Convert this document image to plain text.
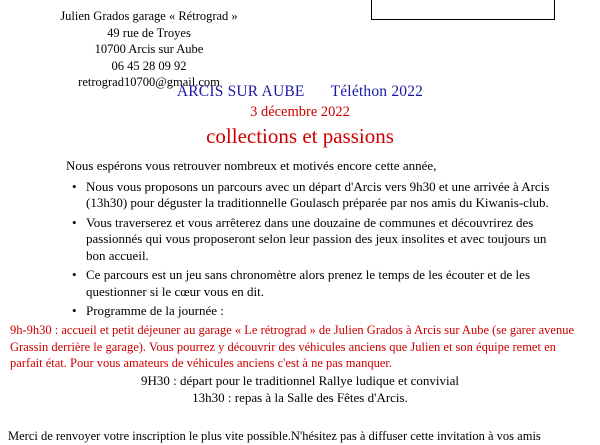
Julien Grados garage « Rétrograd »
49 rue de Troyes
10700 Arcis sur Aube
06 45 28 09 92
retrograd10700@gmail.com
ARCIS SUR AUBE Téléthon 2022
3 décembre 2022
collections et passions

Nous espérons vous retrouver nombreux et motivés encore cette année,

• Nous vous proposons un parcours avec un départ d'Arcis vers 9h30 et une arrivée à Arcis (13h30) pour déguster la traditionnelle Goulasch préparée par nos amis du Kiwanis-club.
• Vous traverserez et vous arrêterez dans une douzaine de communes et découvrirez des passionnés qui vous proposeront selon leur passion des jeux insolites et avec toujours un bon accueil.
• Ce parcours est un jeu sans chronomètre alors prenez le temps de les écouter et de les questionner si le cœur vous en dit.
• Programme de la journée :
9h-9h30 : accueil et petit déjeuner au garage « Le rétrograd » de Julien Grados à Arcis sur Aube (se garer avenue Grassin derrière le garage). Vous pourrez y découvrir des véhicules anciens que Julien et son équipe remet en parfait état. Pour vous amateurs de véhicules anciens c'est à ne pas manquer.
9H30 : départ pour le traditionnel Rallye ludique et convivial
13h30 : repas à la Salle des Fêtes d'Arcis.
Merci de renvoyer votre inscription le plus vite possible.N'hésitez pas à diffuser cette invitation à vos amis
